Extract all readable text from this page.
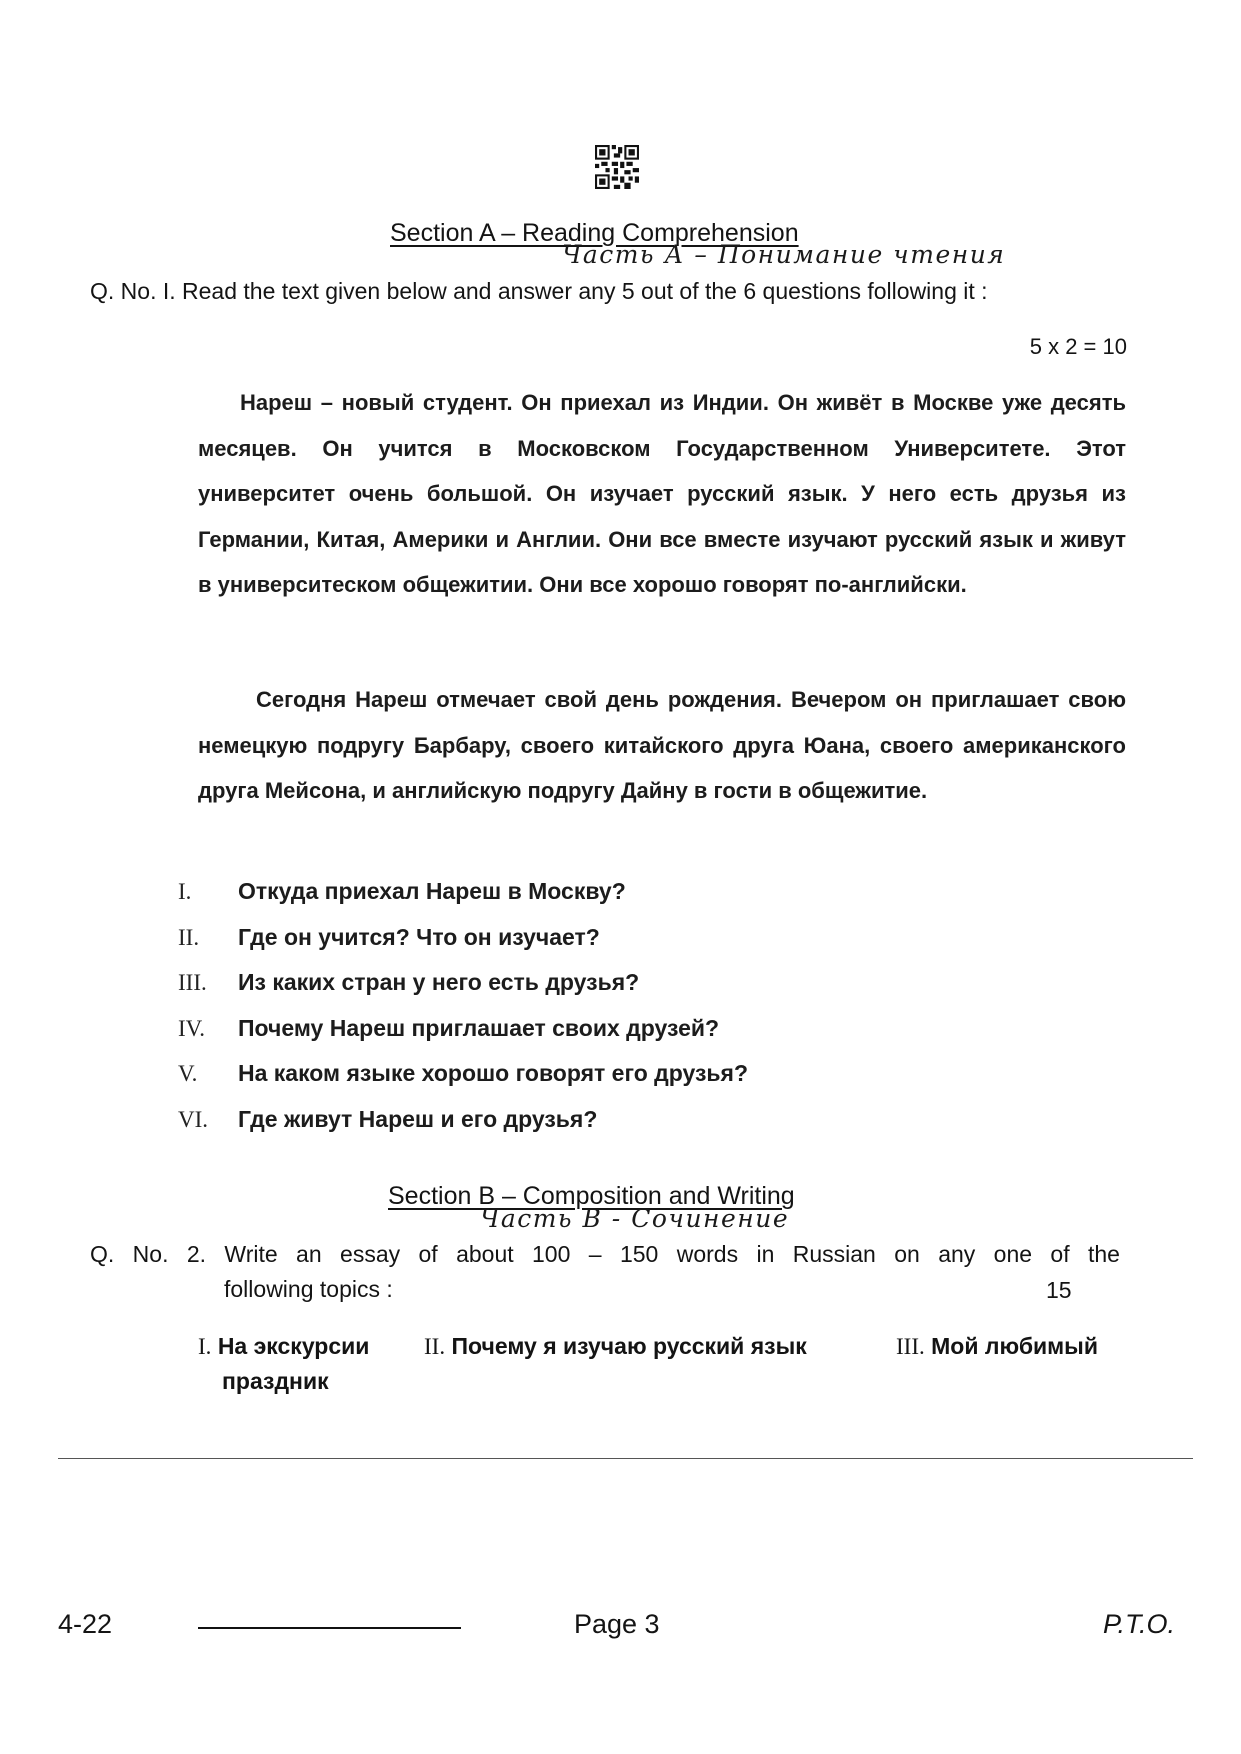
Section A – Reading Comprehension
Часть А – Понимание чтения
Q. No. I. Read the text given below and answer any 5 out of the 6 questions following it :
5 x 2 = 10
Нареш – новый студент. Он приехал из Индии. Он живёт в Москве уже десять месяцев. Он учится в Московском Государственном Университете. Этот университет очень большой. Он изучает русский язык. У него есть друзья из Германии, Китая, Америки и Англии. Они все вместе изучают русский язык и живут в университеском общежитии. Они все хорошо говорят по-английски.
Сегодня Нареш отмечает свой день рождения. Вечером он приглашает свою немецкую подругу Барбару, своего китайского друга Юана, своего американского друга Мейсона, и английскую подругу Дайну в гости в общежитие.
I.	Откуда приехал Нареш в Москву?
II.	Где он учится? Что он изучает?
III.	Из каких стран у него есть друзья?
IV.	Почему Нареш приглашает своих друзей?
V.	На каком языке хорошо говорят его друзья?
VI.	Где живут Нареш и его друзья?
Section B – Composition and Writing
Часть В - Сочинение
Q. No. 2. Write an essay of about 100 – 150 words in Russian on any one of the
following topics :	15
I. На экскурсии II. Почему я изучаю русский язык	III. Мой любимый
праздник
4-22	Page 3	P.T.O.
